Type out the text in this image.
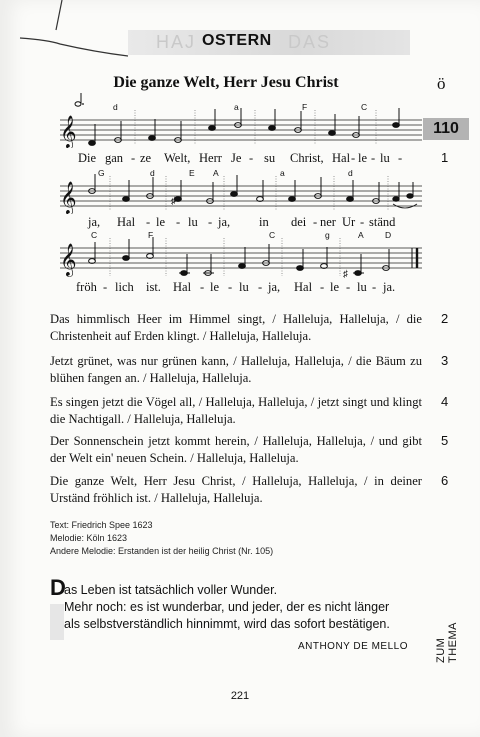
HAJ	DAS
OSTERN
Die ganze Welt, Herr Jesu Christ	ö
110
d	a	F	C
𝄞
Die gan - ze Welt, Herr Je - su Christ, Hal - le - lu -	1
G	d	E A	a	d
𝄞	♯
ja, Hal - le - lu - ja, in dei - ner Ur - ständ
C	F	C	g	A	D
𝄞	♯
fröh - lich ist. Hal - le - lu - ja, Hal - le - lu - ja.
Das himmlisch Heer im Himmel singt, / Halleluja, Halleluja, / die Christenheit auf Erden klingt. / Halleluja, Halleluja.
2
Jetzt grünet, was nur grünen kann, / Halleluja, Halleluja, / die Bäum zu blühen fangen an. / Halleluja, Halleluja.
3
Es singen jetzt die Vögel all, / Halleluja, Halleluja, / jetzt singt und klingt die Nachtigall. / Halleluja, Halleluja.
4
Der Sonnenschein jetzt kommt herein, / Halleluja, Halleluja, / und gibt der Welt ein' neuen Schein. / Halleluja, Halleluja.
5
Die ganze Welt, Herr Jesu Christ, / Halleluja, Halleluja, / in deiner Urständ fröhlich ist. / Halleluja, Halleluja.
6
Text: Friedrich Spee 1623
Melodie: Köln 1623
Andere Melodie: Erstanden ist der heilig Christ (Nr. 105)
D
as Leben ist tatsächlich voller Wunder.
Mehr noch: es ist wunderbar, und jeder, der es nicht länger
als selbstverständlich hinnimmt, wird das sofort bestätigen.
ANTHONY DE MELLO ZUM THEMA
221
